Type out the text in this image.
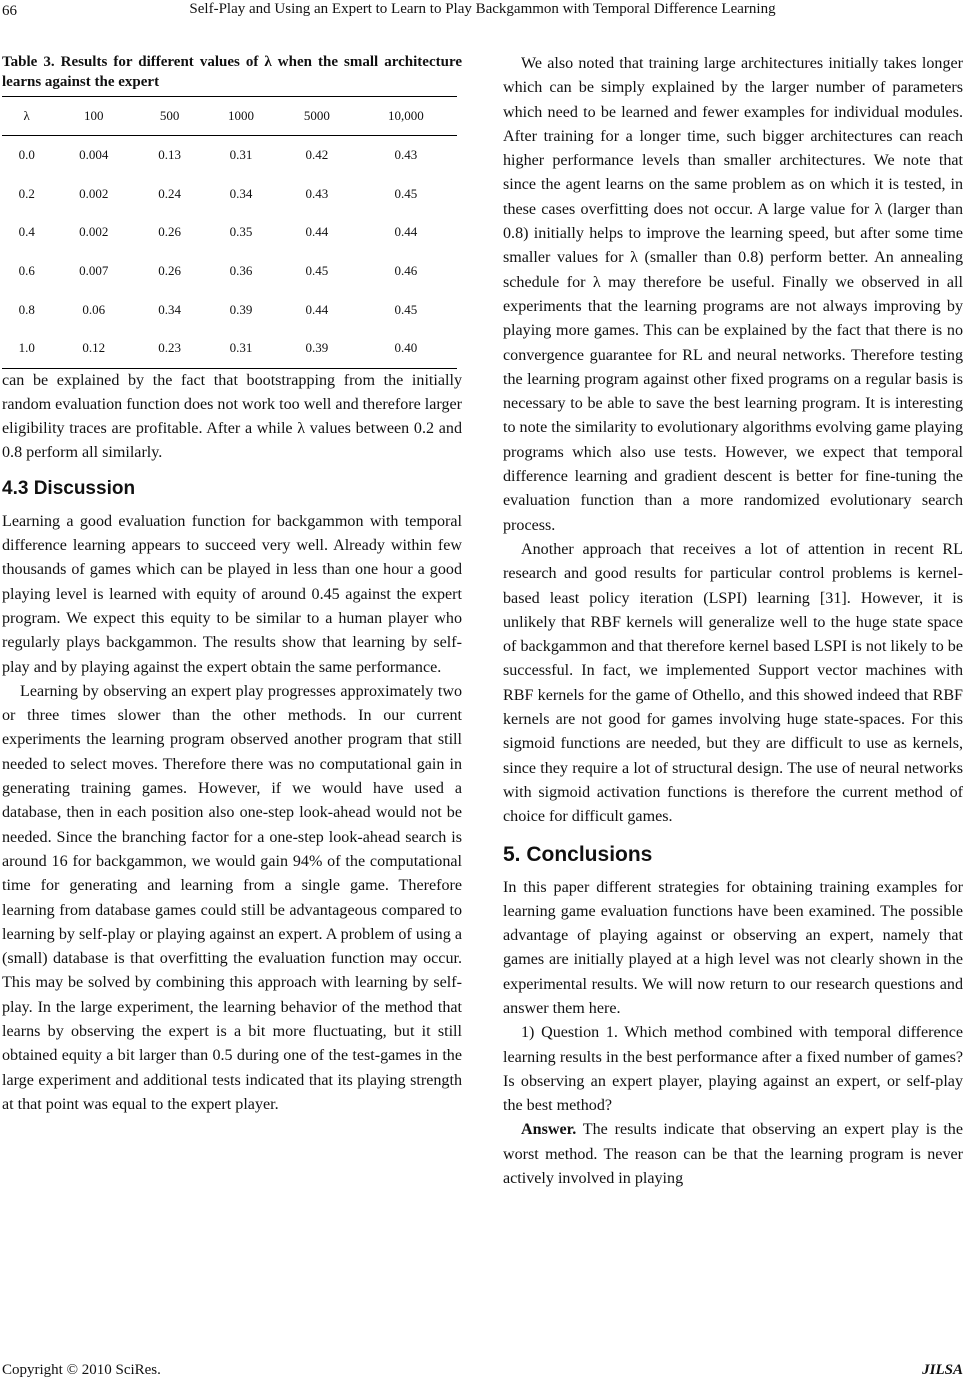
66	Self-Play and Using an Expert to Learn to Play Backgammon with Temporal Difference Learning

Table 3. Results for different values of λ when the small architecture learns against the expert

λ	100	500	1000	5000	10,000
0.0	0.004	0.13	0.31	0.42	0.43
0.2	0.002	0.24	0.34	0.43	0.45
0.4	0.002	0.26	0.35	0.44	0.44
0.6	0.007	0.26	0.36	0.45	0.46
0.8	0.06	0.34	0.39	0.44	0.45
1.0	0.12	0.23	0.31	0.39	0.40

can be explained by the fact that bootstrapping from the initially random evaluation function does not work too well and therefore larger eligibility traces are profitable. After a while λ values between 0.2 and 0.8 perform all similarly.

4.3 Discussion

Learning a good evaluation function for backgammon with temporal difference learning appears to succeed very well. Already within few thousands of games which can be played in less than one hour a good playing level is learned with equity of around 0.45 against the expert program. We expect this equity to be similar to a human player who regularly plays backgammon. The results show that learning by self-play and by playing against the expert obtain the same performance.

Learning by observing an expert play progresses approximately two or three times slower than the other methods. In our current experiments the learning program observed another program that still needed to select moves. Therefore there was no computational gain in generating training games. However, if we would have used a database, then in each position also one-step look-ahead would not be needed. Since the branching factor for a one-step look-ahead search is around 16 for backgammon, we would gain 94% of the computational time for generating and learning from a single game. Therefore learning from database games could still be advantageous compared to learning by self-play or playing against an expert. A problem of using a (small) database is that overfitting the evaluation function may occur. This may be solved by combining this approach with learning by self-play. In the large experiment, the learning behavior of the method that learns by observing the expert is a bit more fluctuating, but it still obtained equity a bit larger than 0.5 during one of the test-games in the large experiment and additional tests indicated that its playing strength at that point was equal to the expert player.

We also noted that training large architectures initially takes longer which can be simply explained by the larger number of parameters which need to be learned and fewer examples for individual modules. After training for a longer time, such bigger architectures can reach higher performance levels than smaller architectures. We note that since the agent learns on the same problem as on which it is tested, in these cases overfitting does not occur. A large value for λ (larger than 0.8) initially helps to improve the learning speed, but after some time smaller values for λ (smaller than 0.8) perform better. An annealing schedule for λ may therefore be useful. Finally we observed in all experiments that the learning programs are not always improving by playing more games. This can be explained by the fact that there is no convergence guarantee for RL and neural networks. Therefore testing the learning program against other fixed programs on a regular basis is necessary to be able to save the best learning program. It is interesting to note the similarity to evolutionary algorithms evolving game playing programs which also use tests. However, we expect that temporal difference learning and gradient descent is better for fine-tuning the evaluation function than a more randomized evolutionary search process.

Another approach that receives a lot of attention in recent RL research and good results for particular control problems is kernel-based least policy iteration (LSPI) learning [31]. However, it is unlikely that RBF kernels will generalize well to the huge state space of backgammon and that therefore kernel based LSPI is not likely to be successful. In fact, we implemented Support vector machines with RBF kernels for the game of Othello, and this showed indeed that RBF kernels are not good for games involving huge state-spaces. For this sigmoid functions are needed, but they are difficult to use as kernels, since they require a lot of structural design. The use of neural networks with sigmoid activation functions is therefore the current method of choice for difficult games.

5. Conclusions

In this paper different strategies for obtaining training examples for learning game evaluation functions have been examined. The possible advantage of playing against or observing an expert, namely that games are initially played at a high level was not clearly shown in the experimental results. We will now return to our research questions and answer them here.

1) Question 1. Which method combined with temporal difference learning results in the best performance after a fixed number of games? Is observing an expert player, playing against an expert, or self-play the best method?

Answer. The results indicate that observing an expert play is the worst method. The reason can be that the learning program is never actively involved in playing

Copyright © 2010 SciRes.	JILSA
